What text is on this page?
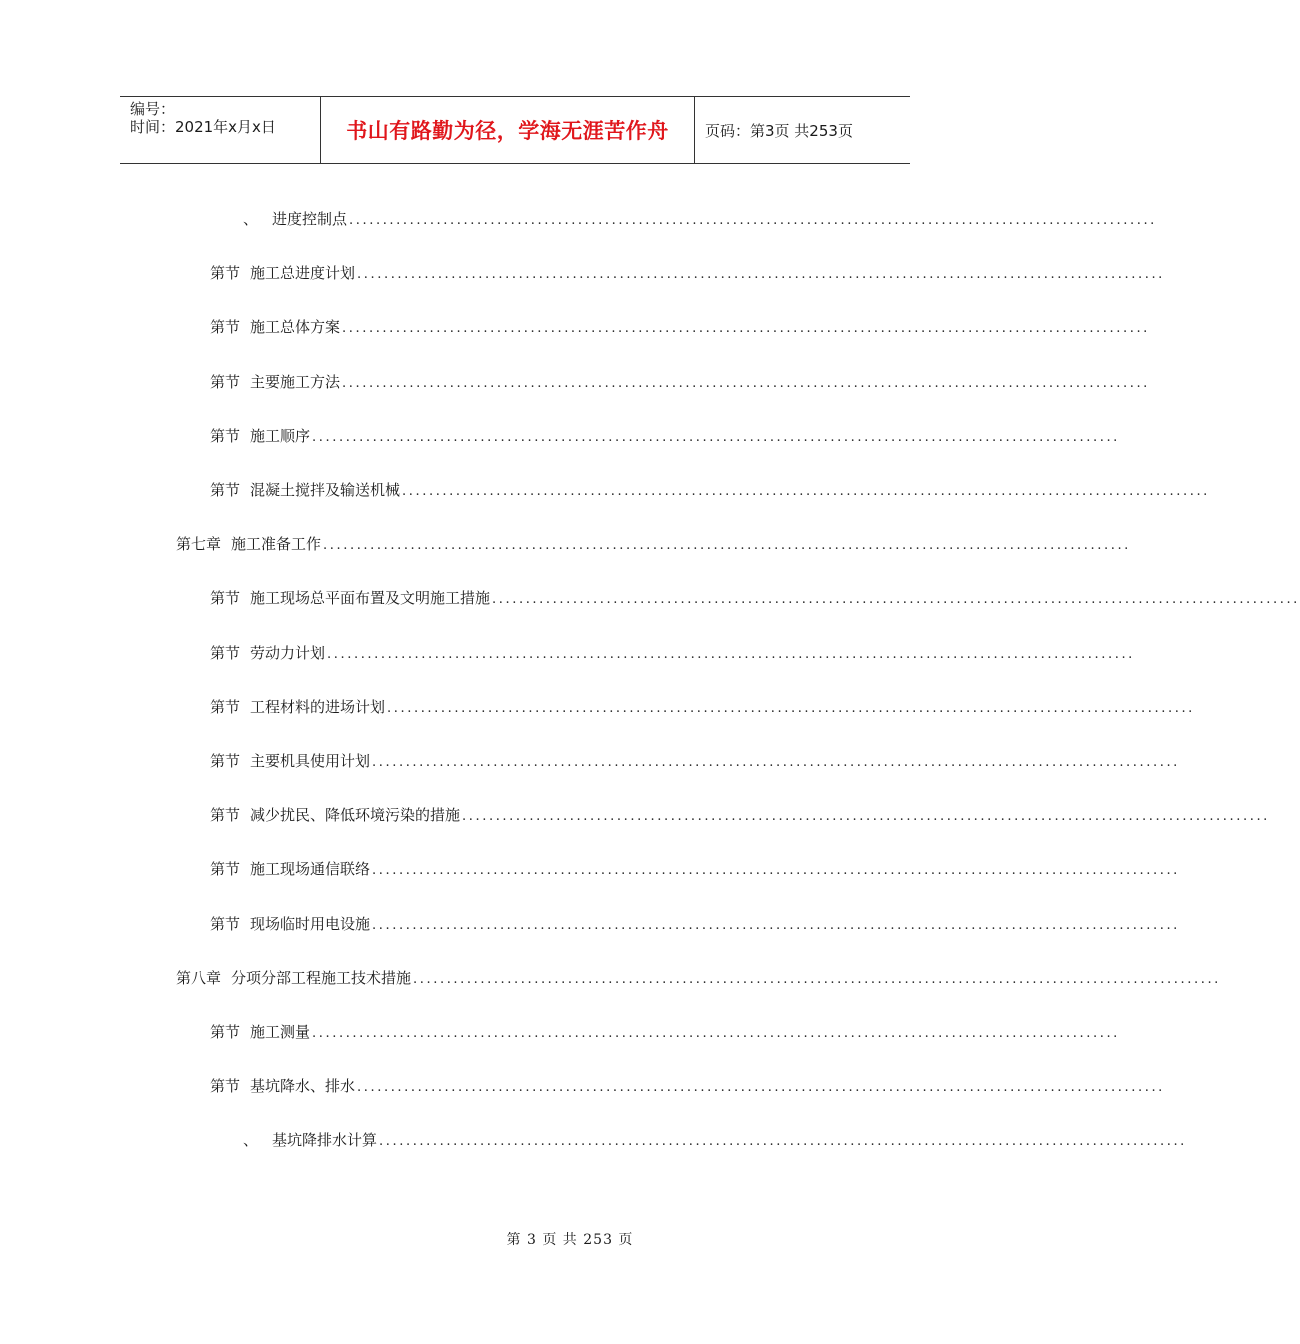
编号：
时间：2021年x月x日	书山有路勤为径，学海无涯苦作舟	页码：第3页 共253页
、 进度控制点 ........................................................................................................................
第节 施工总进度计划 ........................................................................................................................
第节 施工总体方案 ........................................................................................................................
第节 主要施工方法 ........................................................................................................................
第节 施工顺序 ........................................................................................................................
第节 混凝土搅拌及输送机械 ........................................................................................................................
第七章 施工准备工作 ........................................................................................................................
第节 施工现场总平面布置及文明施工措施 ........................................................................................................................
第节 劳动力计划 ........................................................................................................................
第节 工程材料的进场计划 ........................................................................................................................
第节 主要机具使用计划 ........................................................................................................................
第节 减少扰民、降低环境污染的措施 ........................................................................................................................
第节 施工现场通信联络 ........................................................................................................................
第节 现场临时用电设施 ........................................................................................................................
第八章 分项分部工程施工技术措施 ........................................................................................................................
第节 施工测量 ........................................................................................................................
第节 基坑降水、排水 ........................................................................................................................
、 基坑降排水计算 ........................................................................................................................
第 3 页 共 253 页
